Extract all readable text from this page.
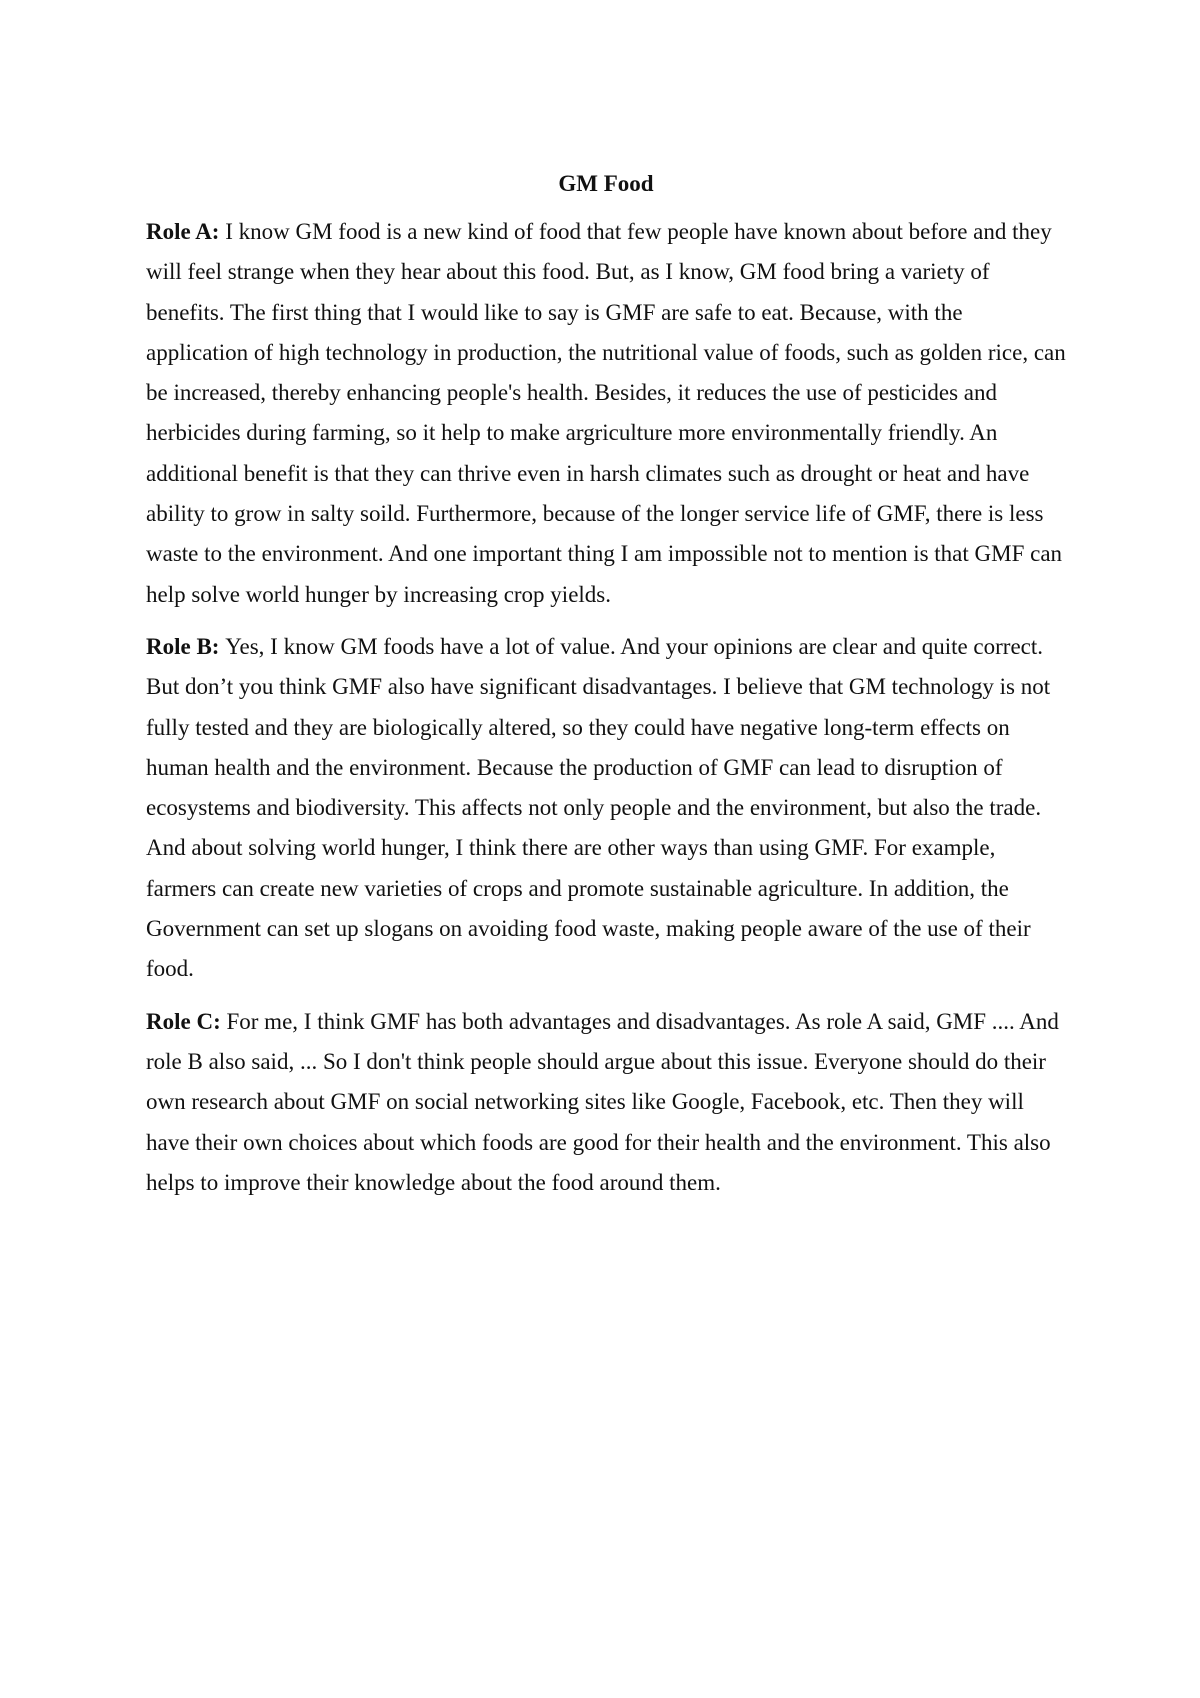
GM Food

Role A: I know GM food is a new kind of food that few people have known about before and they will feel strange when they hear about this food. But, as I know, GM food bring a variety of benefits. The first thing that I would like to say is GMF are safe to eat. Because, with the application of high technology in production, the nutritional value of foods, such as golden rice, can be increased, thereby enhancing people's health. Besides, it reduces the use of pesticides and herbicides during farming, so it help to make argriculture more environmentally friendly. An additional benefit is that they can thrive even in harsh climates such as drought or heat and have ability to grow in salty soild. Furthermore, because of the longer service life of GMF, there is less waste to the environment. And one important thing I am impossible not to mention is that GMF can help solve world hunger by increasing crop yields.

Role B: Yes, I know GM foods have a lot of value. And your opinions are clear and quite correct. But don’t you think GMF also have significant disadvantages. I believe that GM technology is not fully tested and they are biologically altered, so they could have negative long-term effects on human health and the environment. Because the production of GMF can lead to disruption of ecosystems and biodiversity. This affects not only people and the environment, but also the trade. And about solving world hunger, I think there are other ways than using GMF. For example, farmers can create new varieties of crops and promote sustainable agriculture. In addition, the Government can set up slogans on avoiding food waste, making people aware of the use of their food.

Role C: For me, I think GMF has both advantages and disadvantages. As role A said, GMF .... And role B also said, ... So I don't think people should argue about this issue. Everyone should do their own research about GMF on social networking sites like Google, Facebook, etc. Then they will have their own choices about which foods are good for their health and the environment. This also helps to improve their knowledge about the food around them.
